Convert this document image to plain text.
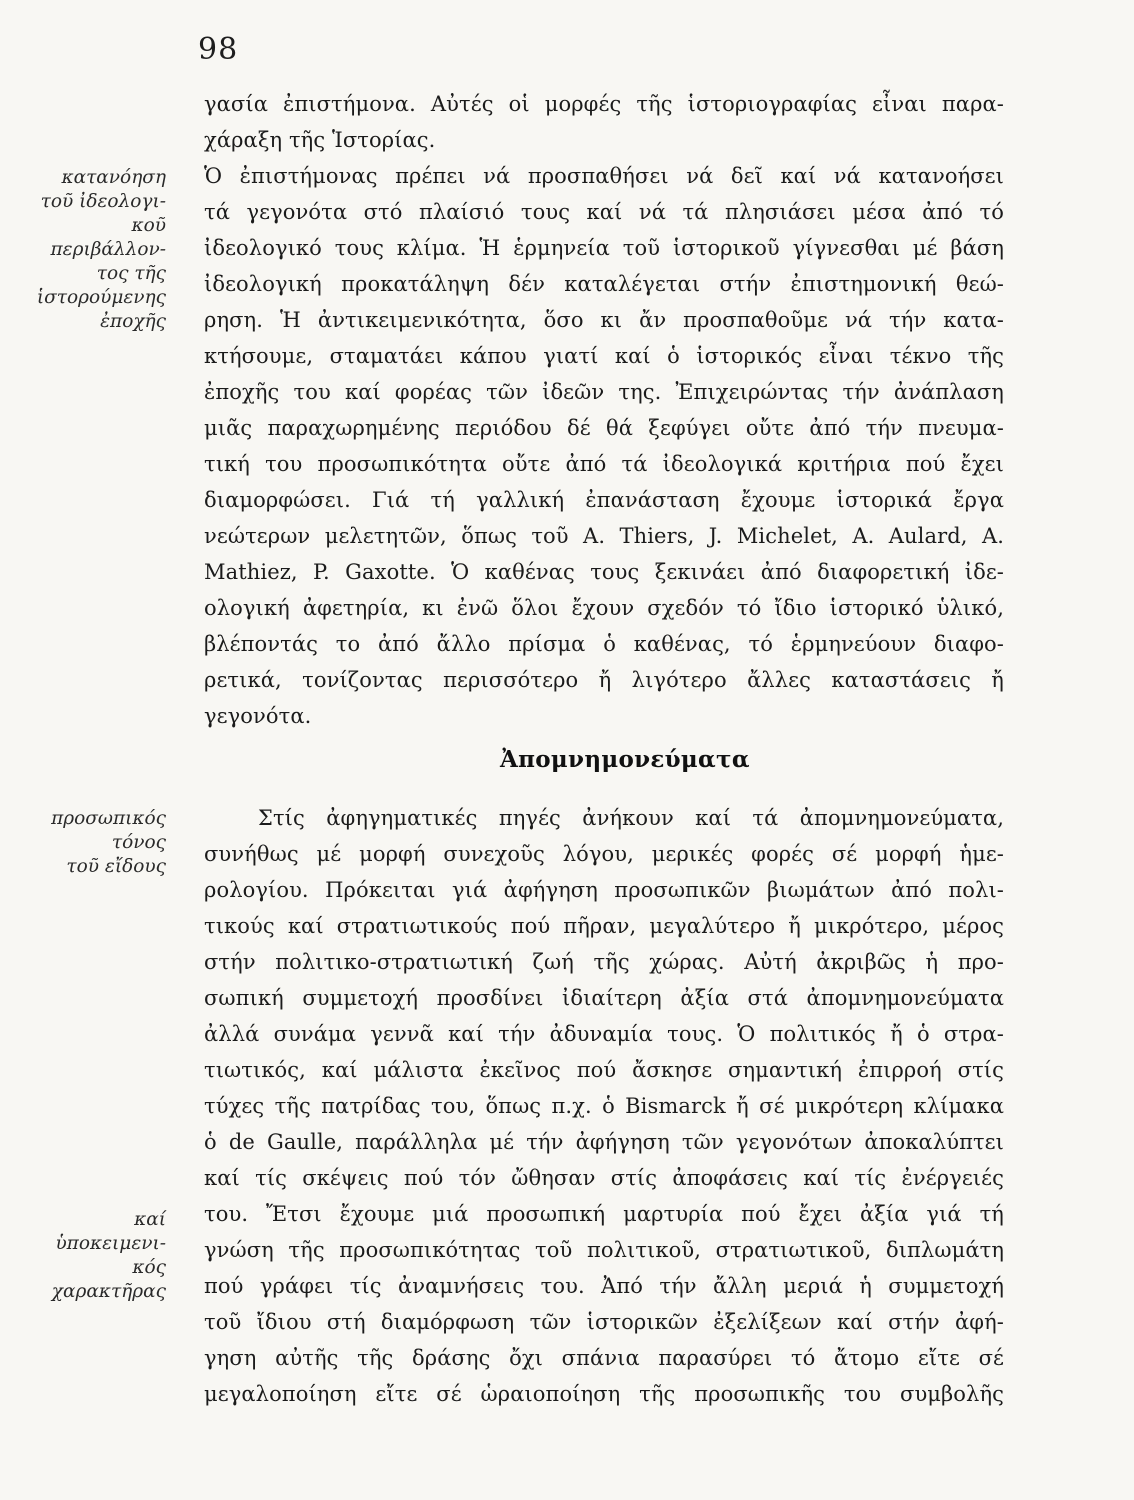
98
κατανόηση
τοῦ ἰδεολογι-
κοῦ
περιβάλλον-
τος τῆς
ἱστορούμενης
ἐποχῆς
προσωπικός
τόνος
τοῦ εἴδους
καί
ὑποκειμενι-
κός
χαρακτῆρας
γασία ἐπιστήμονα. Αὐτές οἱ μορφές τῆς ἱστοριογραφίας εἶναι παρα-
χάραξη τῆς Ἱστορίας.
Ὁ ἐπιστήμονας πρέπει νά προσπαθήσει νά δεῖ καί νά κατανοήσει
τά γεγονότα στό πλαίσιό τους καί νά τά πλησιάσει μέσα ἀπό τό
ἰδεολογικό τους κλίμα. Ἡ ἑρμηνεία τοῦ ἱστορικοῦ γίγνεσθαι μέ βάση
ἰδεολογική προκατάληψη δέν καταλέγεται στήν ἐπιστημονική θεώ-
ρηση. Ἡ ἀντικειμενικότητα, ὅσο κι ἄν προσπαθοῦμε νά τήν κατα-
κτήσουμε, σταματάει κάπου γιατί καί ὁ ἱστορικός εἶναι τέκνο τῆς
ἐποχῆς του καί φορέας τῶν ἰδεῶν της. Ἐπιχειρώντας τήν ἀνάπλαση
μιᾶς παραχωρημένης περιόδου δέ θά ξεφύγει οὔτε ἀπό τήν πνευμα-
τική του προσωπικότητα οὔτε ἀπό τά ἰδεολογικά κριτήρια πού ἔχει
διαμορφώσει. Γιά τή γαλλική ἐπανάσταση ἔχουμε ἱστορικά ἔργα
νεώτερων μελετητῶν, ὅπως τοῦ A. Thiers, J. Michelet, A. Aulard, A.
Mathiez, P. Gaxotte. Ὁ καθένας τους ξεκινάει ἀπό διαφορετική ἰδε-
ολογική ἀφετηρία, κι ἐνῶ ὅλοι ἔχουν σχεδόν τό ἴδιο ἱστορικό ὑλικό,
βλέποντάς το ἀπό ἄλλο πρίσμα ὁ καθένας, τό ἑρμηνεύουν διαφο-
ρετικά, τονίζοντας περισσότερο ἤ λιγότερο ἄλλες καταστάσεις ἤ
γεγονότα.
Ἀπομνημονεύματα
Στίς ἀφηγηματικές πηγές ἀνήκουν καί τά ἀπομνημονεύματα,
συνήθως μέ μορφή συνεχοῦς λόγου, μερικές φορές σέ μορφή ἡμε-
ρολογίου. Πρόκειται γιά ἀφήγηση προσωπικῶν βιωμάτων ἀπό πολι-
τικούς καί στρατιωτικούς πού πῆραν, μεγαλύτερο ἤ μικρότερο, μέρος
στήν πολιτικο-στρατιωτική ζωή τῆς χώρας. Αὐτή ἀκριβῶς ἡ προ-
σωπική συμμετοχή προσδίνει ἰδιαίτερη ἀξία στά ἀπομνημονεύματα
ἀλλά συνάμα γεννᾶ καί τήν ἀδυναμία τους. Ὁ πολιτικός ἤ ὁ στρα-
τιωτικός, καί μάλιστα ἐκεῖνος πού ἄσκησε σημαντική ἐπιρροή στίς
τύχες τῆς πατρίδας του, ὅπως π.χ. ὁ Bismarck ἤ σέ μικρότερη κλίμακα
ὁ de Gaulle, παράλληλα μέ τήν ἀφήγηση τῶν γεγονότων ἀποκαλύπτει
καί τίς σκέψεις πού τόν ὤθησαν στίς ἀποφάσεις καί τίς ἐνέργειές
του. Ἔτσι ἔχουμε μιά προσωπική μαρτυρία πού ἔχει ἀξία γιά τή
γνώση τῆς προσωπικότητας τοῦ πολιτικοῦ, στρατιωτικοῦ, διπλωμάτη
πού γράφει τίς ἀναμνήσεις του. Ἀπό τήν ἄλλη μεριά ἡ συμμετοχή
τοῦ ἴδιου στή διαμόρφωση τῶν ἱστορικῶν ἐξελίξεων καί στήν ἀφή-
γηση αὐτῆς τῆς δράσης ὄχι σπάνια παρασύρει τό ἄτομο εἴτε σέ
μεγαλοποίηση εἴτε σέ ὡραιοποίηση τῆς προσωπικῆς του συμβολῆς
